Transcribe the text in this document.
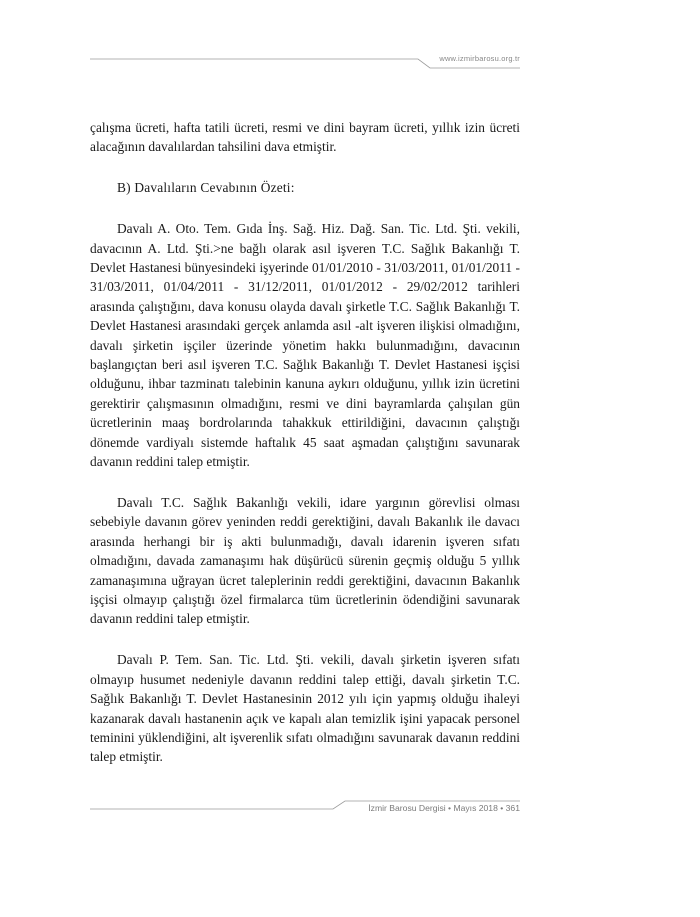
www.izmirbarosu.org.tr

çalışma ücreti, hafta tatili ücreti, resmi ve dini bayram ücreti, yıllık izin ücreti alacağının davalılardan tahsilini dava etmiştir.

B) Davalıların Cevabının Özeti:

Davalı A. Oto. Tem. Gıda İnş. Sağ. Hiz. Dağ. San. Tic. Ltd. Şti. vekili, davacının A. Ltd. Şti.>ne bağlı olarak asıl işveren T.C. Sağlık Bakanlığı T. Devlet Hastanesi bünyesindeki işyerinde 01/01/2010 - 31/03/2011, 01/01/2011 - 31/03/2011, 01/04/2011 - 31/12/2011, 01/01/2012 - 29/02/2012 tarihleri arasında çalıştığını, dava konusu olayda davalı şirketle T.C. Sağlık Bakanlığı T. Devlet Hastanesi arasındaki gerçek anlamda asıl -alt işveren ilişkisi olmadığını, davalı şirketin işçiler üzerinde yönetim hakkı bulunmadığını, davacının başlangıçtan beri asıl işveren T.C. Sağlık Bakanlığı T. Devlet Hastanesi işçisi olduğunu, ihbar tazminatı talebinin kanuna aykırı olduğunu, yıllık izin ücretini gerektirir çalışmasının olmadığını, resmi ve dini bayramlarda çalışılan gün ücretlerinin maaş bordrolarında tahakkuk ettirildiğini, davacının çalıştığı dönemde vardiyalı sistemde haftalık 45 saat aşmadan çalıştığını savunarak davanın reddini talep etmiştir.

Davalı T.C. Sağlık Bakanlığı vekili, idare yargının görevlisi olması sebebiyle davanın görev yeninden reddi gerektiğini, davalı Bakanlık ile davacı arasında herhangi bir iş akti bulunmadığı, davalı idarenin işveren sıfatı olmadığını, davada zamanaşımı hak düşürücü sürenin geçmiş olduğu 5 yıllık zamanaşımına uğrayan ücret taleplerinin reddi gerektiğini, davacının Bakanlık işçisi olmayıp çalıştığı özel firmalarca tüm ücretlerinin ödendiğini savunarak davanın reddini talep etmiştir.

Davalı P. Tem. San. Tic. Ltd. Şti. vekili, davalı şirketin işveren sıfatı olmayıp husumet nedeniyle davanın reddini talep ettiği, davalı şirketin T.C. Sağlık Bakanlığı T. Devlet Hastanesinin 2012 yılı için yapmış olduğu ihaleyi kazanarak davalı hastanenin açık ve kapalı alan temizlik işini yapacak personel teminini yüklendiğini, alt işverenlik sıfatı olmadığını savunarak davanın reddini talep etmiştir.

İzmir Barosu Dergisi • Mayıs 2018 • 361
